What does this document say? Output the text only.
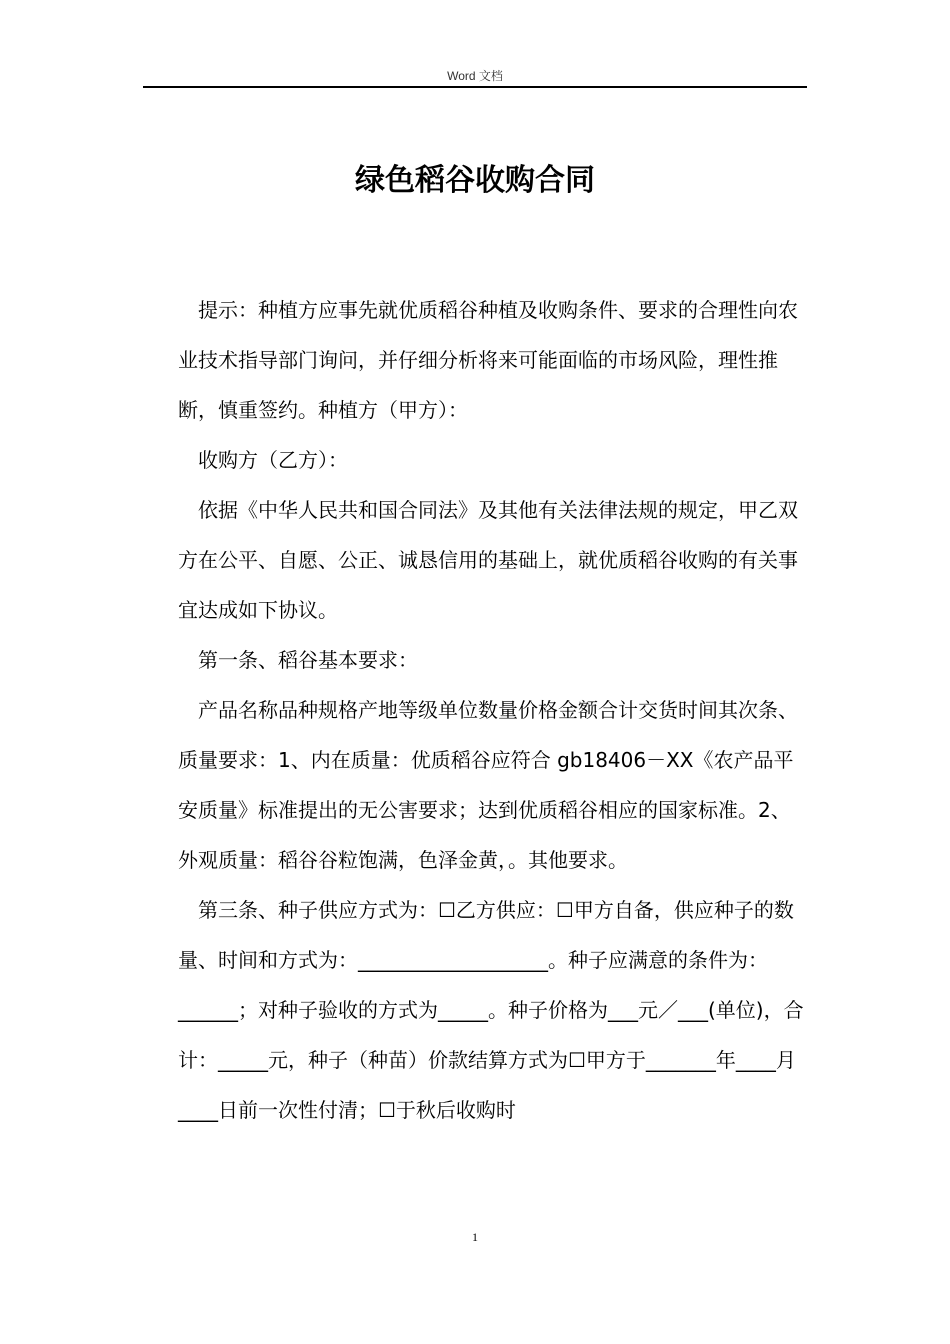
Word 文档
绿色稻谷收购合同

提示：种植方应事先就优质稻谷种植及收购条件、要求的合理性向农业技术指导部门询问，并仔细分析将来可能面临的市场风险，理性推断，慎重签约。种植方（甲方）：

收购方（乙方）：

依据《中华人民共和国合同法》及其他有关法律法规的规定，甲乙双方在公平、自愿、公正、诚恳信用的基础上，就优质稻谷收购的有关事宜达成如下协议。

第一条、稻谷基本要求：

产品名称品种规格产地等级单位数量价格金额合计交货时间其次条、质量要求：1、内在质量：优质稻谷应符合 gb18406－XX《农产品平安质量》标准提出的无公害要求；达到优质稻谷相应的国家标准。2、外观质量：稻谷谷粒饱满，色泽金黄，。其他要求。

第三条、种子供应方式为：☐乙方供应：☐甲方自备，供应种子的数量、时间和方式为：___________________。种子应满意的条件为：______；对种子验收的方式为_____。种子价格为___元／___(单位)，合计：_____元，种子（种苗）价款结算方式为☐甲方于_______年____月____日前一次性付清；☐于秋后收购时

1
